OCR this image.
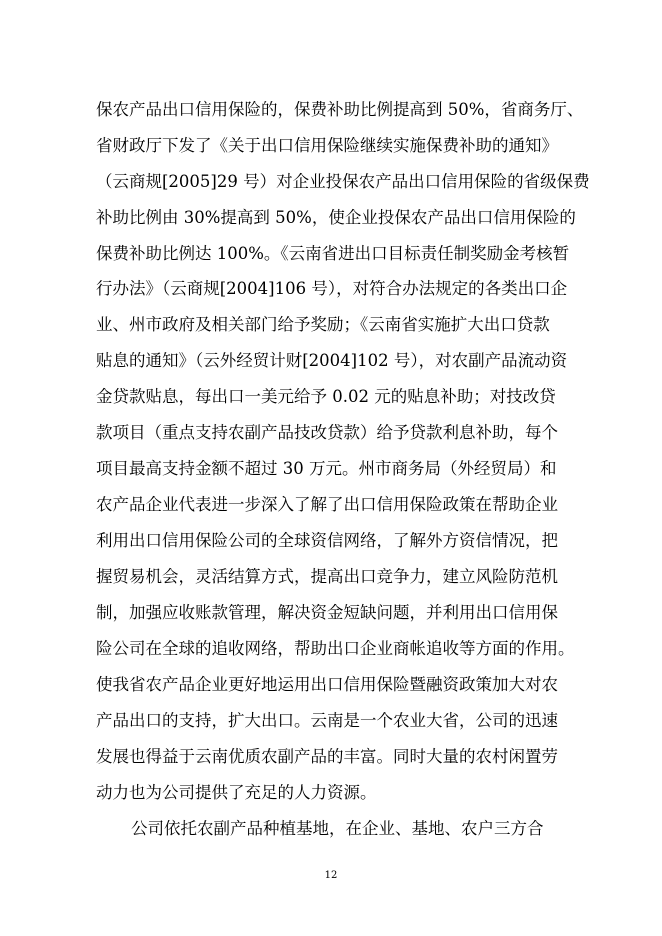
保农产品出口信用保险的，保费补助比例提高到 50%，省商务厅、
省财政厅下发了《关于出口信用保险继续实施保费补助的通知》
（云商规[2005]29 号）对企业投保农产品出口信用保险的省级保费
补助比例由 30%提高到 50%，使企业投保农产品出口信用保险的
保费补助比例达 100%。《云南省进出口目标责任制奖励金考核暂
行办法》（云商规[2004]106 号），对符合办法规定的各类出口企
业、州市政府及相关部门给予奖励；《云南省实施扩大出口贷款
贴息的通知》（云外经贸计财[2004]102 号），对农副产品流动资
金贷款贴息，每出口一美元给予 0.02 元的贴息补助；对技改贷
款项目（重点支持农副产品技改贷款）给予贷款利息补助，每个
项目最高支持金额不超过 30 万元。州市商务局（外经贸局）和
农产品企业代表进一步深入了解了出口信用保险政策在帮助企业
利用出口信用保险公司的全球资信网络，了解外方资信情况，把
握贸易机会，灵活结算方式，提高出口竞争力，建立风险防范机
制，加强应收账款管理，解决资金短缺问题，并利用出口信用保
险公司在全球的追收网络，帮助出口企业商帐追收等方面的作用。
使我省农产品企业更好地运用出口信用保险暨融资政策加大对农
产品出口的支持，扩大出口。云南是一个农业大省，公司的迅速
发展也得益于云南优质农副产品的丰富。同时大量的农村闲置劳
动力也为公司提供了充足的人力资源。
公司依托农副产品种植基地，在企业、基地、农户三方合
12
